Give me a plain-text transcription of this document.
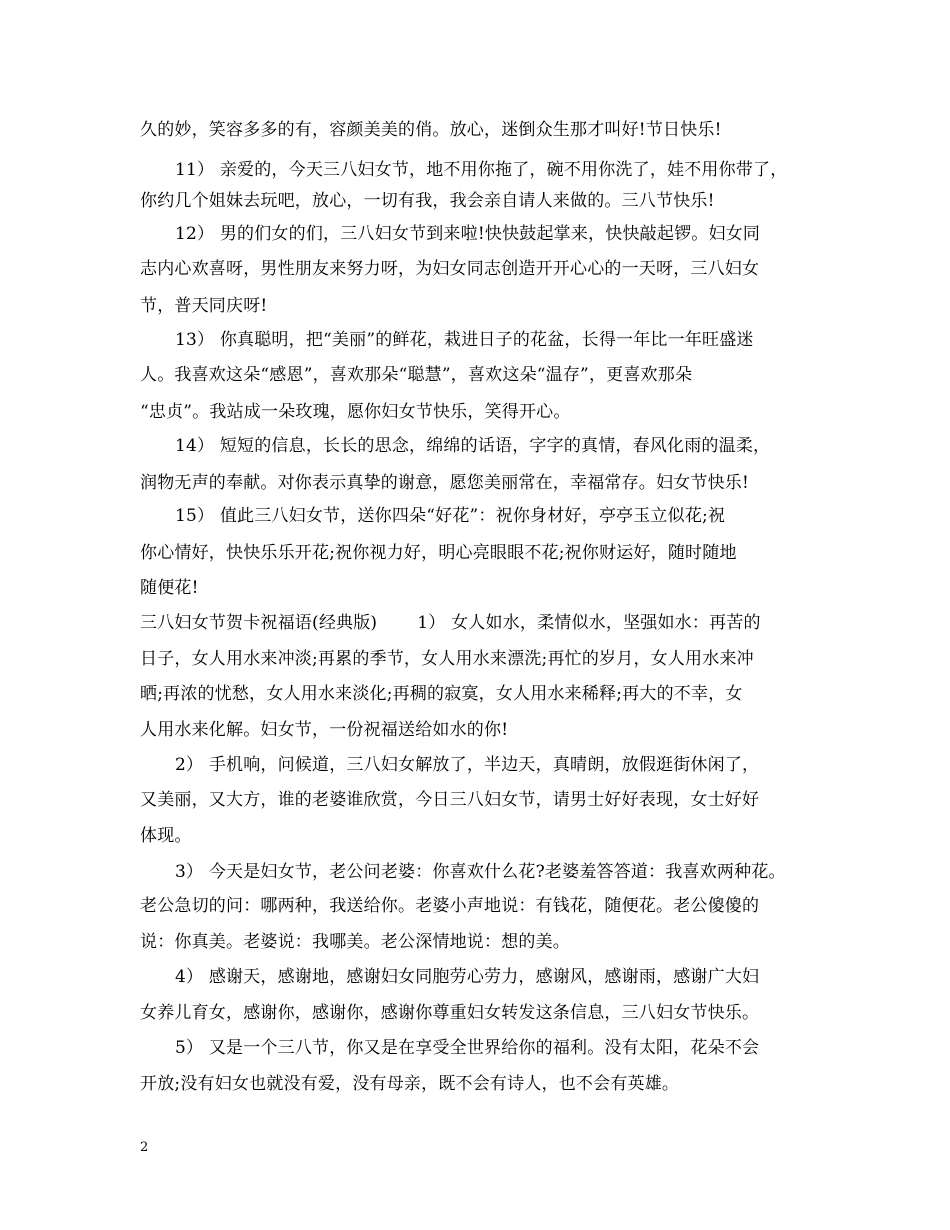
久的妙，笑容多多的有，容颜美美的俏。放心，迷倒众生那才叫好!节日快乐!
11） 亲爱的，今天三八妇女节，地不用你拖了，碗不用你洗了，娃不用你带了，
你约几个姐妹去玩吧，放心，一切有我，我会亲自请人来做的。三八节快乐!
12） 男的们女的们，三八妇女节到来啦!快快鼓起掌来，快快敲起锣。妇女同
志内心欢喜呀，男性朋友来努力呀，为妇女同志创造开开心心的一天呀，三八妇女
节，普天同庆呀!
13） 你真聪明，把“美丽”的鲜花，栽进日子的花盆，长得一年比一年旺盛迷
人。我喜欢这朵“感恩”，喜欢那朵“聪慧”，喜欢这朵“温存”，更喜欢那朵
“忠贞”。我站成一朵玫瑰，愿你妇女节快乐，笑得开心。
14） 短短的信息，长长的思念，绵绵的话语，字字的真情，春风化雨的温柔，
润物无声的奉献。对你表示真挚的谢意，愿您美丽常在，幸福常存。妇女节快乐!
15） 值此三八妇女节，送你四朵“好花”：祝你身材好，亭亭玉立似花;祝
你心情好，快快乐乐开花;祝你视力好，明心亮眼眼不花;祝你财运好，随时随地
随便花!
三八妇女节贺卡祝福语(经典版) 1） 女人如水，柔情似水，坚强如水：再苦的
日子，女人用水来冲淡;再累的季节，女人用水来漂洗;再忙的岁月，女人用水来冲
晒;再浓的忧愁，女人用水来淡化;再稠的寂寞，女人用水来稀释;再大的不幸，女
人用水来化解。妇女节，一份祝福送给如水的你!
2） 手机响，问候道，三八妇女解放了，半边天，真晴朗，放假逛街休闲了，
又美丽，又大方，谁的老婆谁欣赏，今日三八妇女节，请男士好好表现，女士好好
体现。
3） 今天是妇女节，老公问老婆：你喜欢什么花?老婆羞答答道：我喜欢两种花。
老公急切的问：哪两种，我送给你。老婆小声地说：有钱花，随便花。老公傻傻的
说：你真美。老婆说：我哪美。老公深情地说：想的美。
4） 感谢天，感谢地，感谢妇女同胞劳心劳力，感谢风，感谢雨，感谢广大妇
女养儿育女，感谢你，感谢你，感谢你尊重妇女转发这条信息，三八妇女节快乐。
5） 又是一个三八节，你又是在享受全世界给你的福利。没有太阳，花朵不会
开放;没有妇女也就没有爱，没有母亲，既不会有诗人，也不会有英雄。
2
